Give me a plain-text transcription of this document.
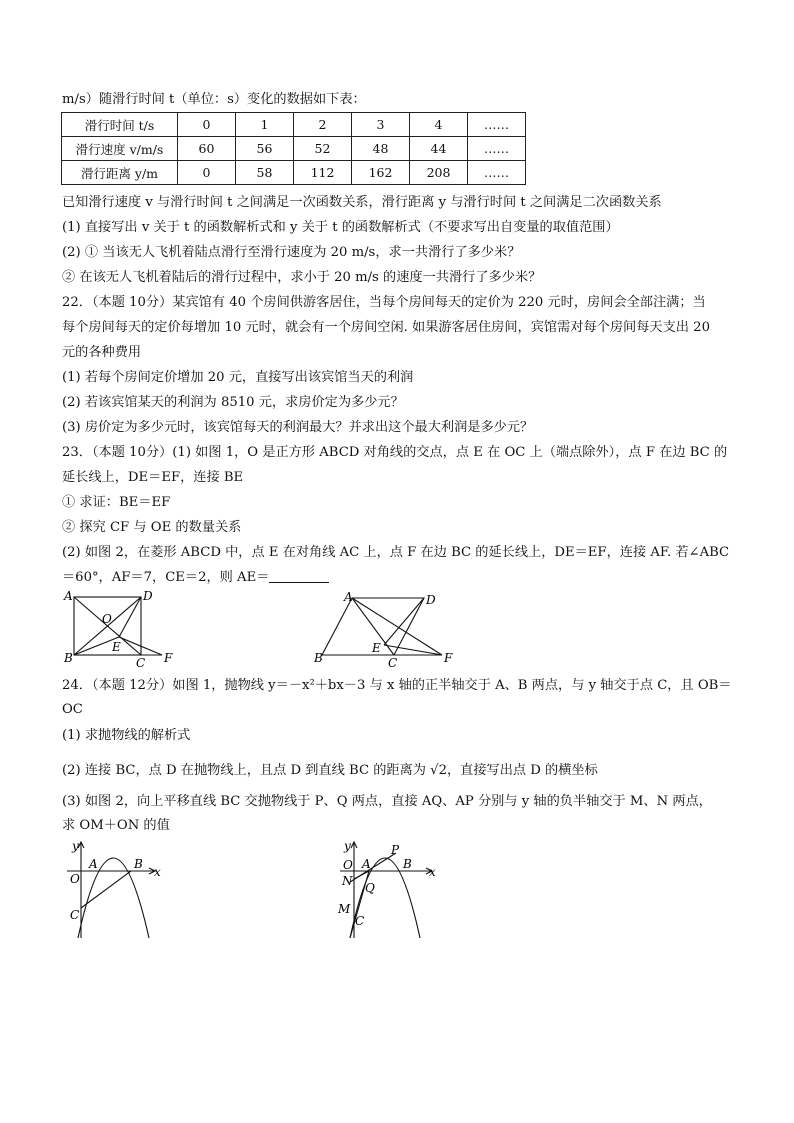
m/s）随滑行时间 t（单位：s）变化的数据如下表：
滑行时间 t/s	0	1	2	3	4	……
滑行速度 v/m/s	60	56	52	48	44	……
滑行距离 y/m	0	58	112	162	208	……
已知滑行速度 v 与滑行时间 t 之间满足一次函数关系，滑行距离 y 与滑行时间 t 之间满足二次函数关系
(1) 直接写出 v 关于 t 的函数解析式和 y 关于 t 的函数解析式（不要求写出自变量的取值范围）
(2) ① 当该无人飞机着陆点滑行至滑行速度为 20 m/s，求一共滑行了多少米？
② 在该无人飞机着陆后的滑行过程中，求小于 20 m/s 的速度一共滑行了多少米？
22．（本题 10分）某宾馆有 40 个房间供游客居住，当每个房间每天的定价为 220 元时，房间会全部注满；当
每个房间每天的定价每增加 10 元时，就会有一个房间空闲. 如果游客居住房间，宾馆需对每个房间每天支出 20
元的各种费用
(1) 若每个房间定价增加 20 元，直接写出该宾馆当天的利润
(2) 若该宾馆某天的利润为 8510 元，求房价定为多少元？
(3) 房价定为多少元时，该宾馆每天的利润最大？并求出这个最大利润是多少元？
23．（本题 10分）(1) 如图 1，O 是正方形 ABCD 对角线的交点，点 E 在 OC 上（端点除外），点 F 在边 BC 的
延长线上，DE＝EF，连接 BE
① 求证：BE＝EF
② 探究 CF 与 OE 的数量关系
(2) 如图 2，在菱形 ABCD 中，点 E 在对角线 AC 上，点 F 在边 BC 的延长线上，DE＝EF，连接 AF. 若∠ABC
＝60°，AF＝7，CE＝2，则 AE＝
A	D
O
E
B	C F
A	D
E
B	C	F
24．（本题 12分）如图 1，抛物线 y＝－x²＋bx－3 与 x 轴的正半轴交于 A、B 两点，与 y 轴交于点 C，且 OB＝
OC
(1) 求抛物线的解析式
(2) 连接 BC，点 D 在抛物线上，且点 D 到直线 BC 的距离为 √2，直接写出点 D 的横坐标
(3) 如图 2，向上平移直线 BC 交抛物线于 P、Q 两点，直接 AQ、AP 分别与 y 轴的负半轴交于 M、N 两点，
求 OM＋ON 的值
y
A	B
x
O
C
y
O A
P
B
x
N Q
M
C
